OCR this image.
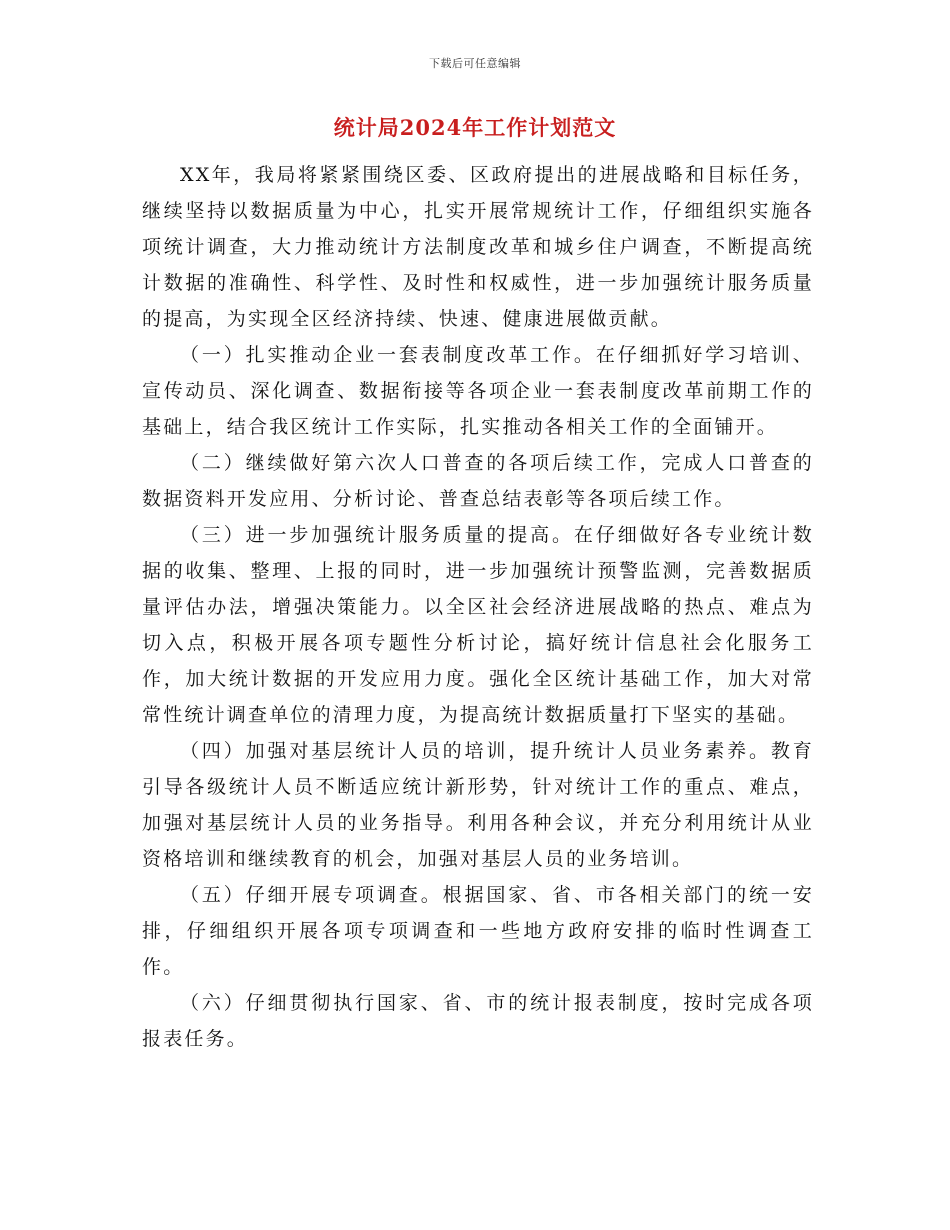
下载后可任意编辑
统计局2024年工作计划范文

XX年，我局将紧紧围绕区委、区政府提出的进展战略和目标任务，继续坚持以数据质量为中心，扎实开展常规统计工作，仔细组织实施各项统计调查，大力推动统计方法制度改革和城乡住户调查，不断提高统计数据的准确性、科学性、及时性和权威性，进一步加强统计服务质量的提高，为实现全区经济持续、快速、健康进展做贡献。

（一）扎实推动企业一套表制度改革工作。在仔细抓好学习培训、宣传动员、深化调查、数据衔接等各项企业一套表制度改革前期工作的基础上，结合我区统计工作实际，扎实推动各相关工作的全面铺开。

（二）继续做好第六次人口普查的各项后续工作，完成人口普查的数据资料开发应用、分析讨论、普查总结表彰等各项后续工作。

（三）进一步加强统计服务质量的提高。在仔细做好各专业统计数据的收集、整理、上报的同时，进一步加强统计预警监测，完善数据质量评估办法，增强决策能力。以全区社会经济进展战略的热点、难点为切入点，积极开展各项专题性分析讨论，搞好统计信息社会化服务工作，加大统计数据的开发应用力度。强化全区统计基础工作，加大对常常性统计调查单位的清理力度，为提高统计数据质量打下坚实的基础。

（四）加强对基层统计人员的培训，提升统计人员业务素养。教育引导各级统计人员不断适应统计新形势，针对统计工作的重点、难点，加强对基层统计人员的业务指导。利用各种会议，并充分利用统计从业资格培训和继续教育的机会，加强对基层人员的业务培训。

（五）仔细开展专项调查。根据国家、省、市各相关部门的统一安排，仔细组织开展各项专项调查和一些地方政府安排的临时性调查工作。

（六）仔细贯彻执行国家、省、市的统计报表制度，按时完成各项报表任务。
